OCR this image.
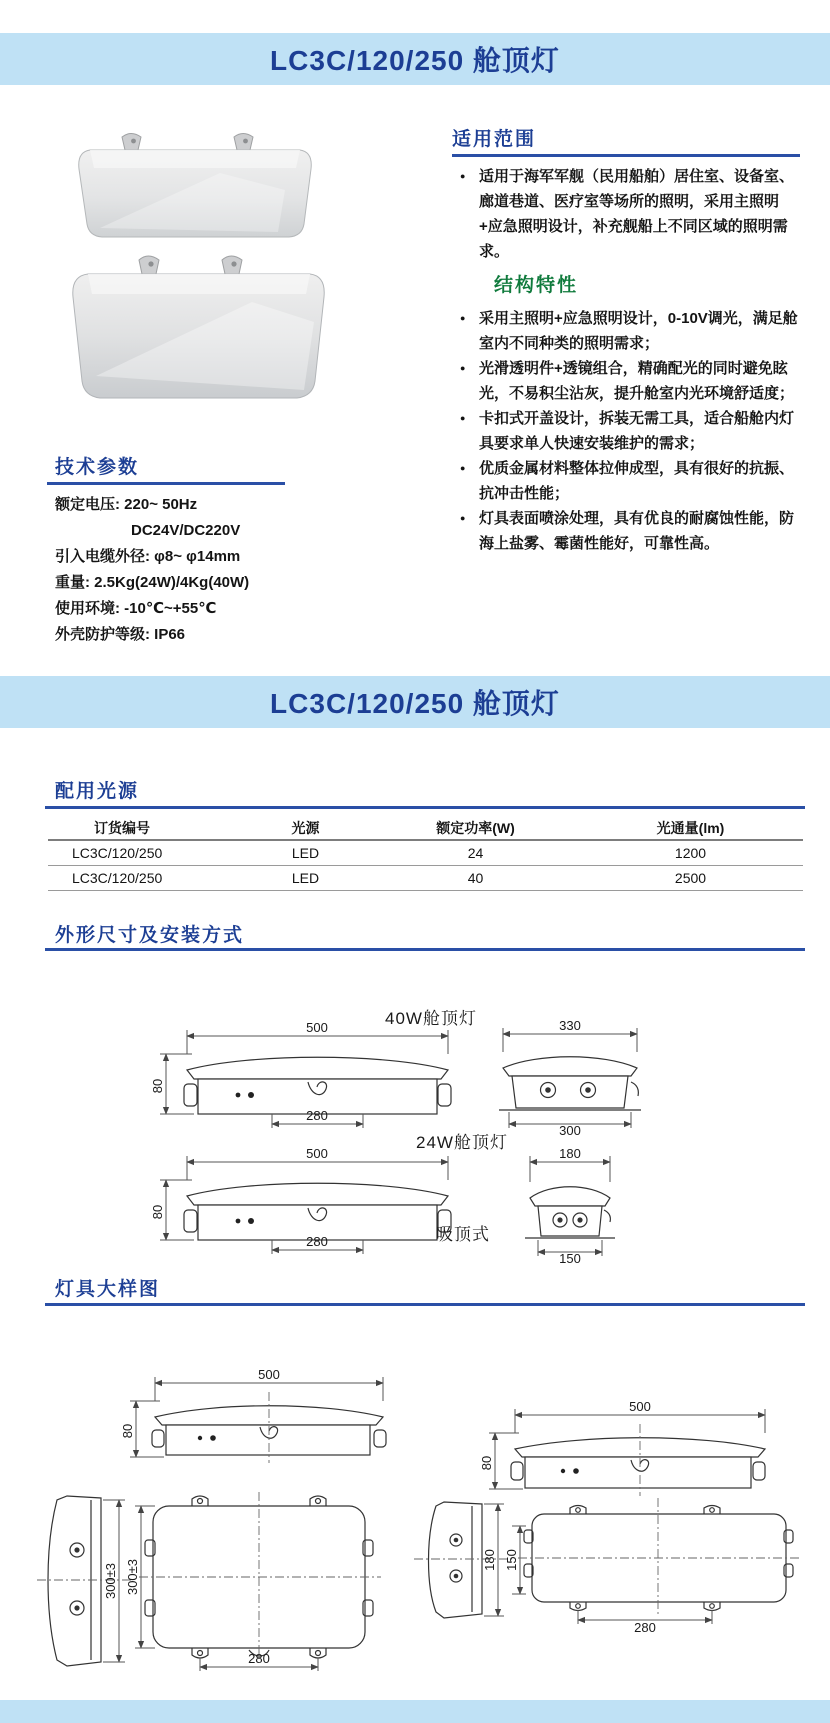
LC3C/120/250 舱顶灯
适用范围
● 适用于海军军舰（民用船舶）居住室、设备室、廊道巷道、医疗室等场所的照明，采用主照明+应急照明设计，补充舰船上不同区域的照明需求。
结构特性
● 采用主照明+应急照明设计，0-10V调光，满足舱室内不同种类的照明需求；
● 光滑透明件+透镜组合，精确配光的同时避免眩光，不易积尘沾灰，提升舱室内光环境舒适度；
● 卡扣式开盖设计，拆装无需工具，适合船舱内灯具要求单人快速安装维护的需求；
● 优质金属材料整体拉伸成型，具有很好的抗振、抗冲击性能；
● 灯具表面喷涂处理，具有优良的耐腐蚀性能，防海上盐雾、霉菌性能好，可靠性高。
技术参数
额定电压: 220~ 50Hz
DC24V/DC220V
引入电缆外径: φ8~ φ14mm
重量: 2.5Kg(24W)/4Kg(40W)
使用环境: -10℃~+55℃
外壳防护等级: IP66
LC3C/120/250 舱顶灯
配用光源
订货编号	光源	额定功率(W)	光通量(lm)
LC3C/120/250	LED	24	1200
LC3C/120/250	LED	40	2500
外形尺寸及安装方式
40W舱顶灯
500
80
280
330
300
24W舱顶灯
500
80
280
180
150
吸顶式
灯具大样图
500
80
500
80
300±3 300±3
280
180 150
280
